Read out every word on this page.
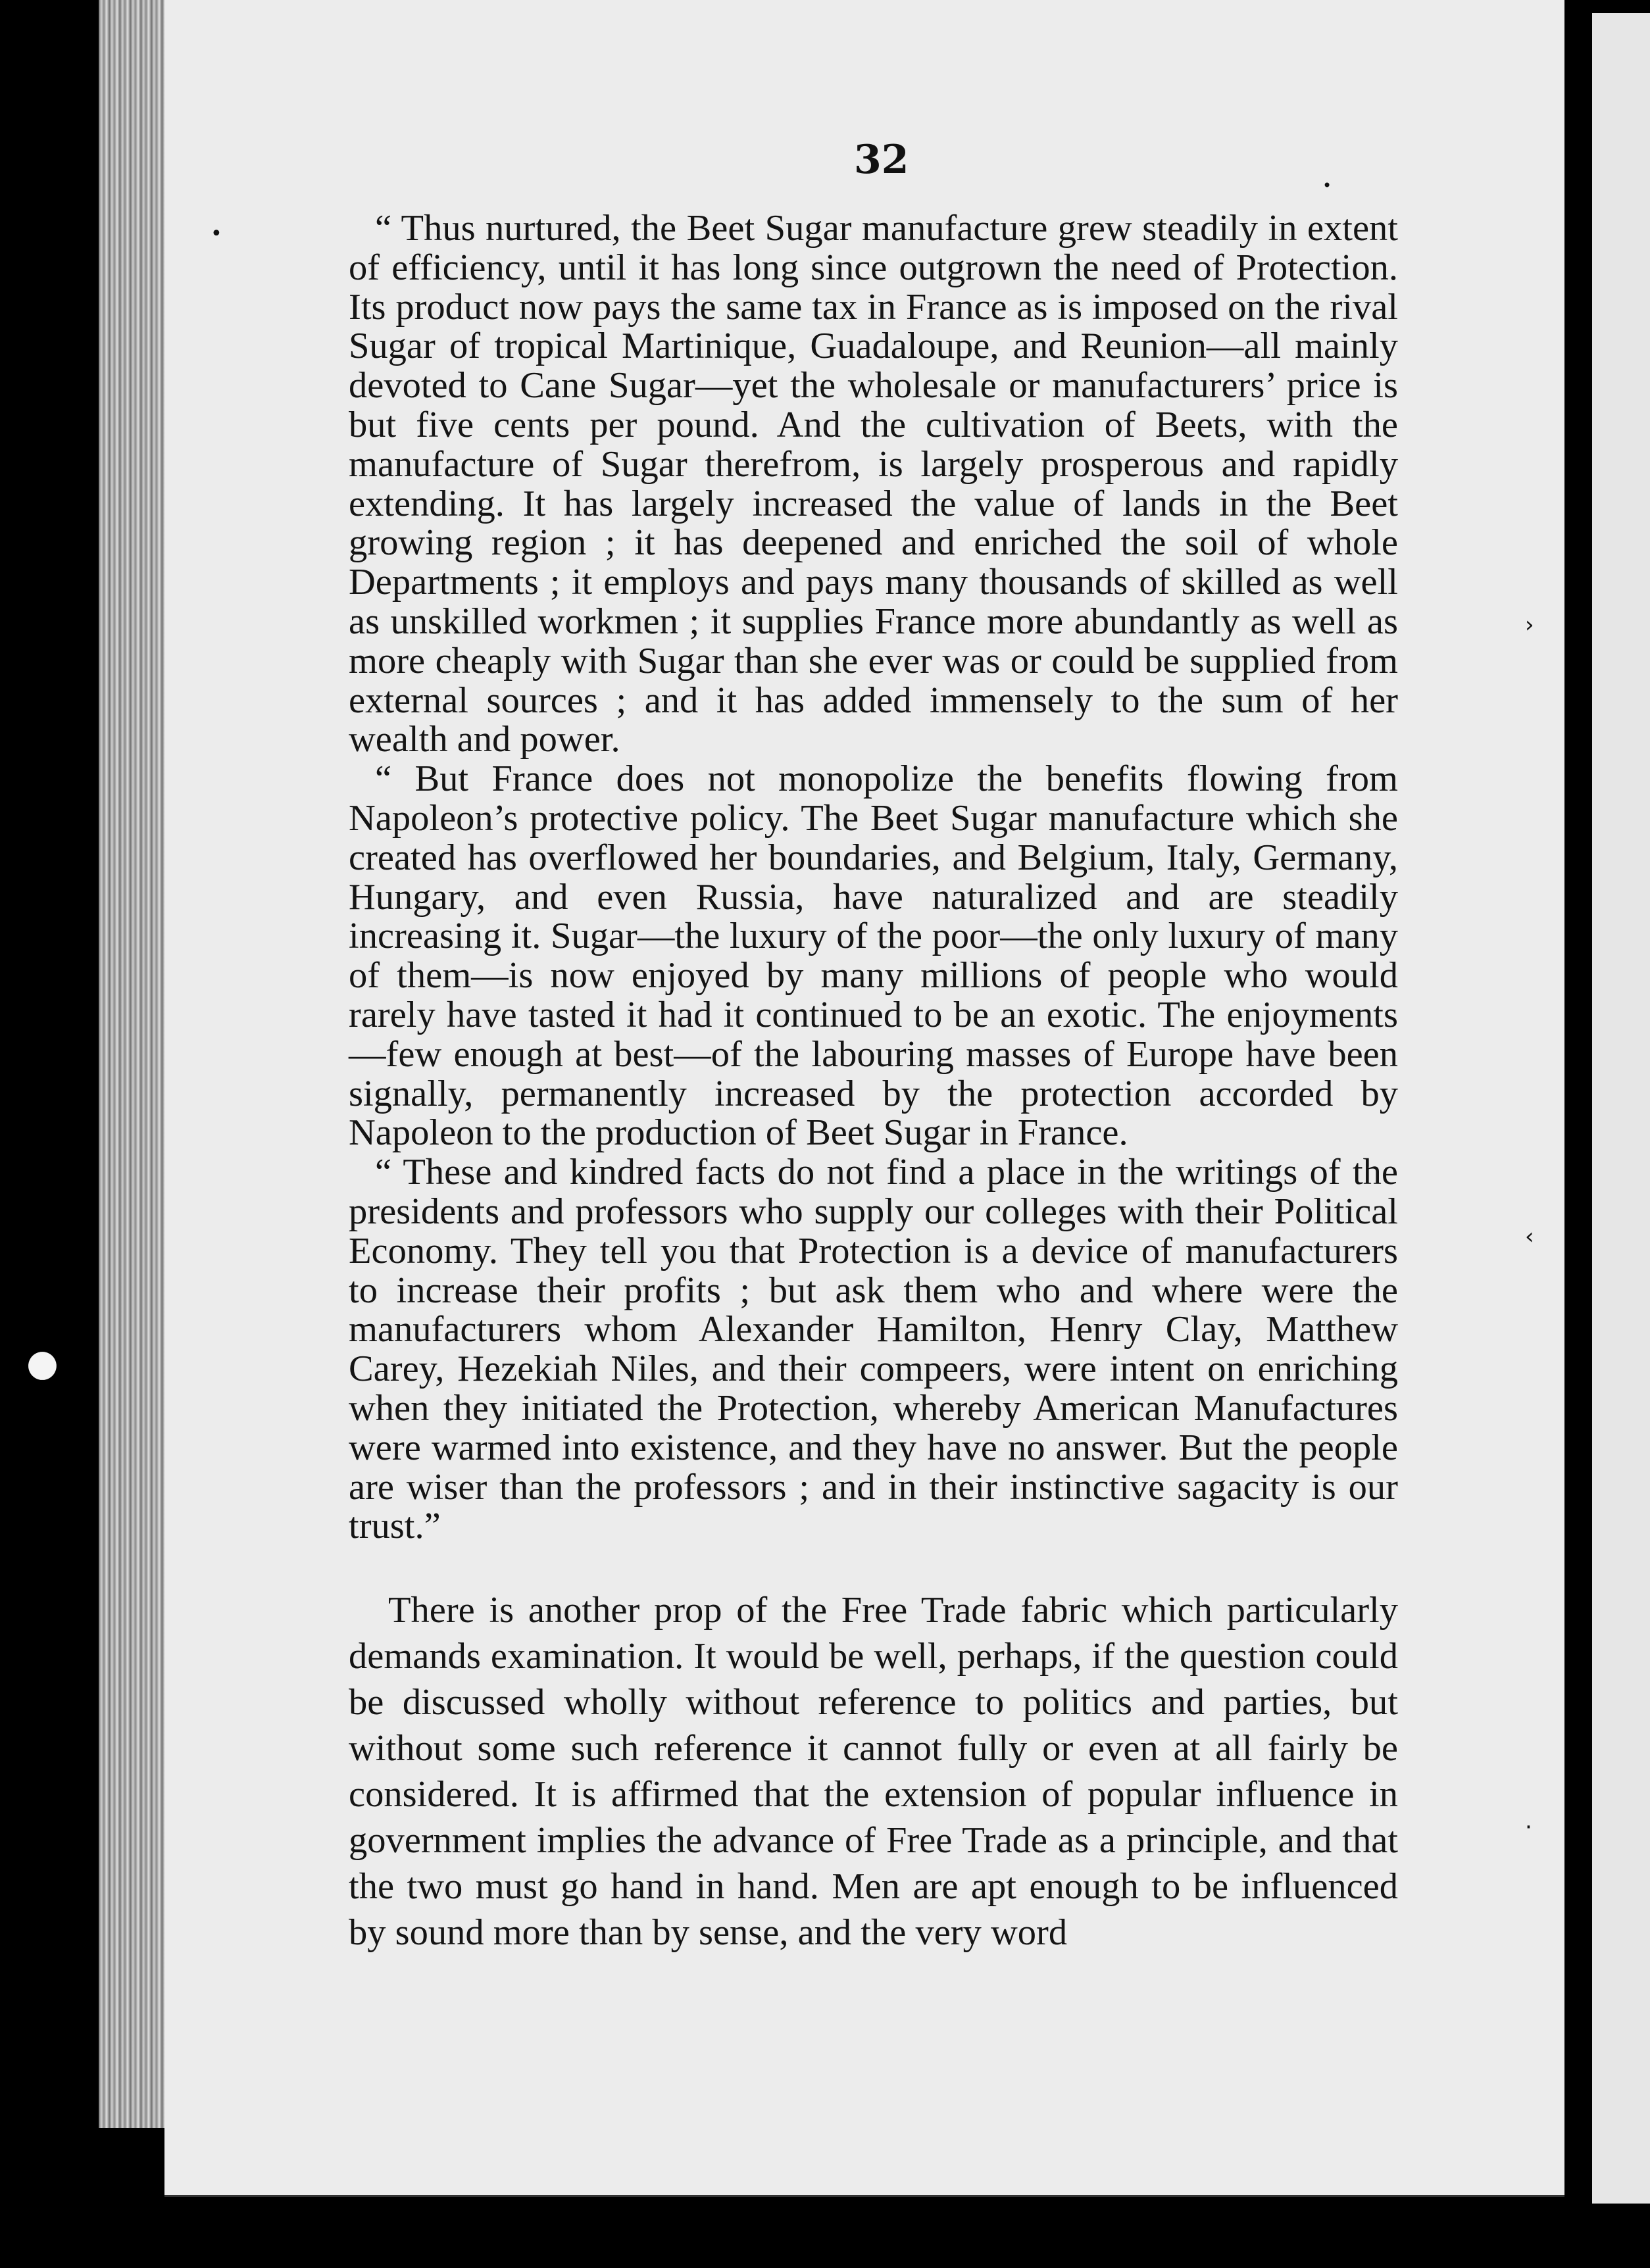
•
•
●
›
‹
·
32

“ Thus nurtured, the Beet Sugar manufacture grew steadily in extent of efficiency, until it has long since outgrown the need of Protection. Its product now pays the same tax in France as is imposed on the rival Sugar of tropical Martinique, Guadaloupe, and Reunion—all mainly devoted to Cane Sugar—yet the wholesale or manufacturers’ price is but five cents per pound. And the cultivation of Beets, with the manufacture of Sugar therefrom, is largely prosperous and rapidly extending. It has largely increased the value of lands in the Beet growing region ; it has deepened and enriched the soil of whole Departments ; it employs and pays many thousands of skilled as well as unskilled workmen ; it supplies France more abundantly as well as more cheaply with Sugar than she ever was or could be supplied from external sources ; and it has added immensely to the sum of her wealth and power.

“ But France does not monopolize the benefits flowing from Napoleon’s protective policy. The Beet Sugar manufacture which she created has overflowed her boundaries, and Belgium, Italy, Germany, Hungary, and even Russia, have naturalized and are steadily increasing it. Sugar—the luxury of the poor—the only luxury of many of them—is now enjoyed by many millions of people who would rarely have tasted it had it continued to be an exotic. The enjoyments—few enough at best—of the labouring masses of Europe have been signally, permanently increased by the protection accorded by Napoleon to the production of Beet Sugar in France.

“ These and kindred facts do not find a place in the writings of the presidents and professors who supply our colleges with their Political Economy. They tell you that Protection is a device of manufacturers to increase their profits ; but ask them who and where were the manufacturers whom Alexander Hamilton, Henry Clay, Matthew Carey, Hezekiah Niles, and their compeers, were intent on enriching when they initiated the Protection, whereby American Manufactures were warmed into existence, and they have no answer. But the people are wiser than the professors ; and in their instinctive sagacity is our trust.”

There is another prop of the Free Trade fabric which particularly demands examination. It would be well, perhaps, if the question could be discussed wholly without reference to politics and parties, but without some such reference it cannot fully or even at all fairly be considered. It is affirmed that the extension of popular influence in government implies the advance of Free Trade as a principle, and that the two must go hand in hand. Men are apt enough to be influenced by sound more than by sense, and the very word
